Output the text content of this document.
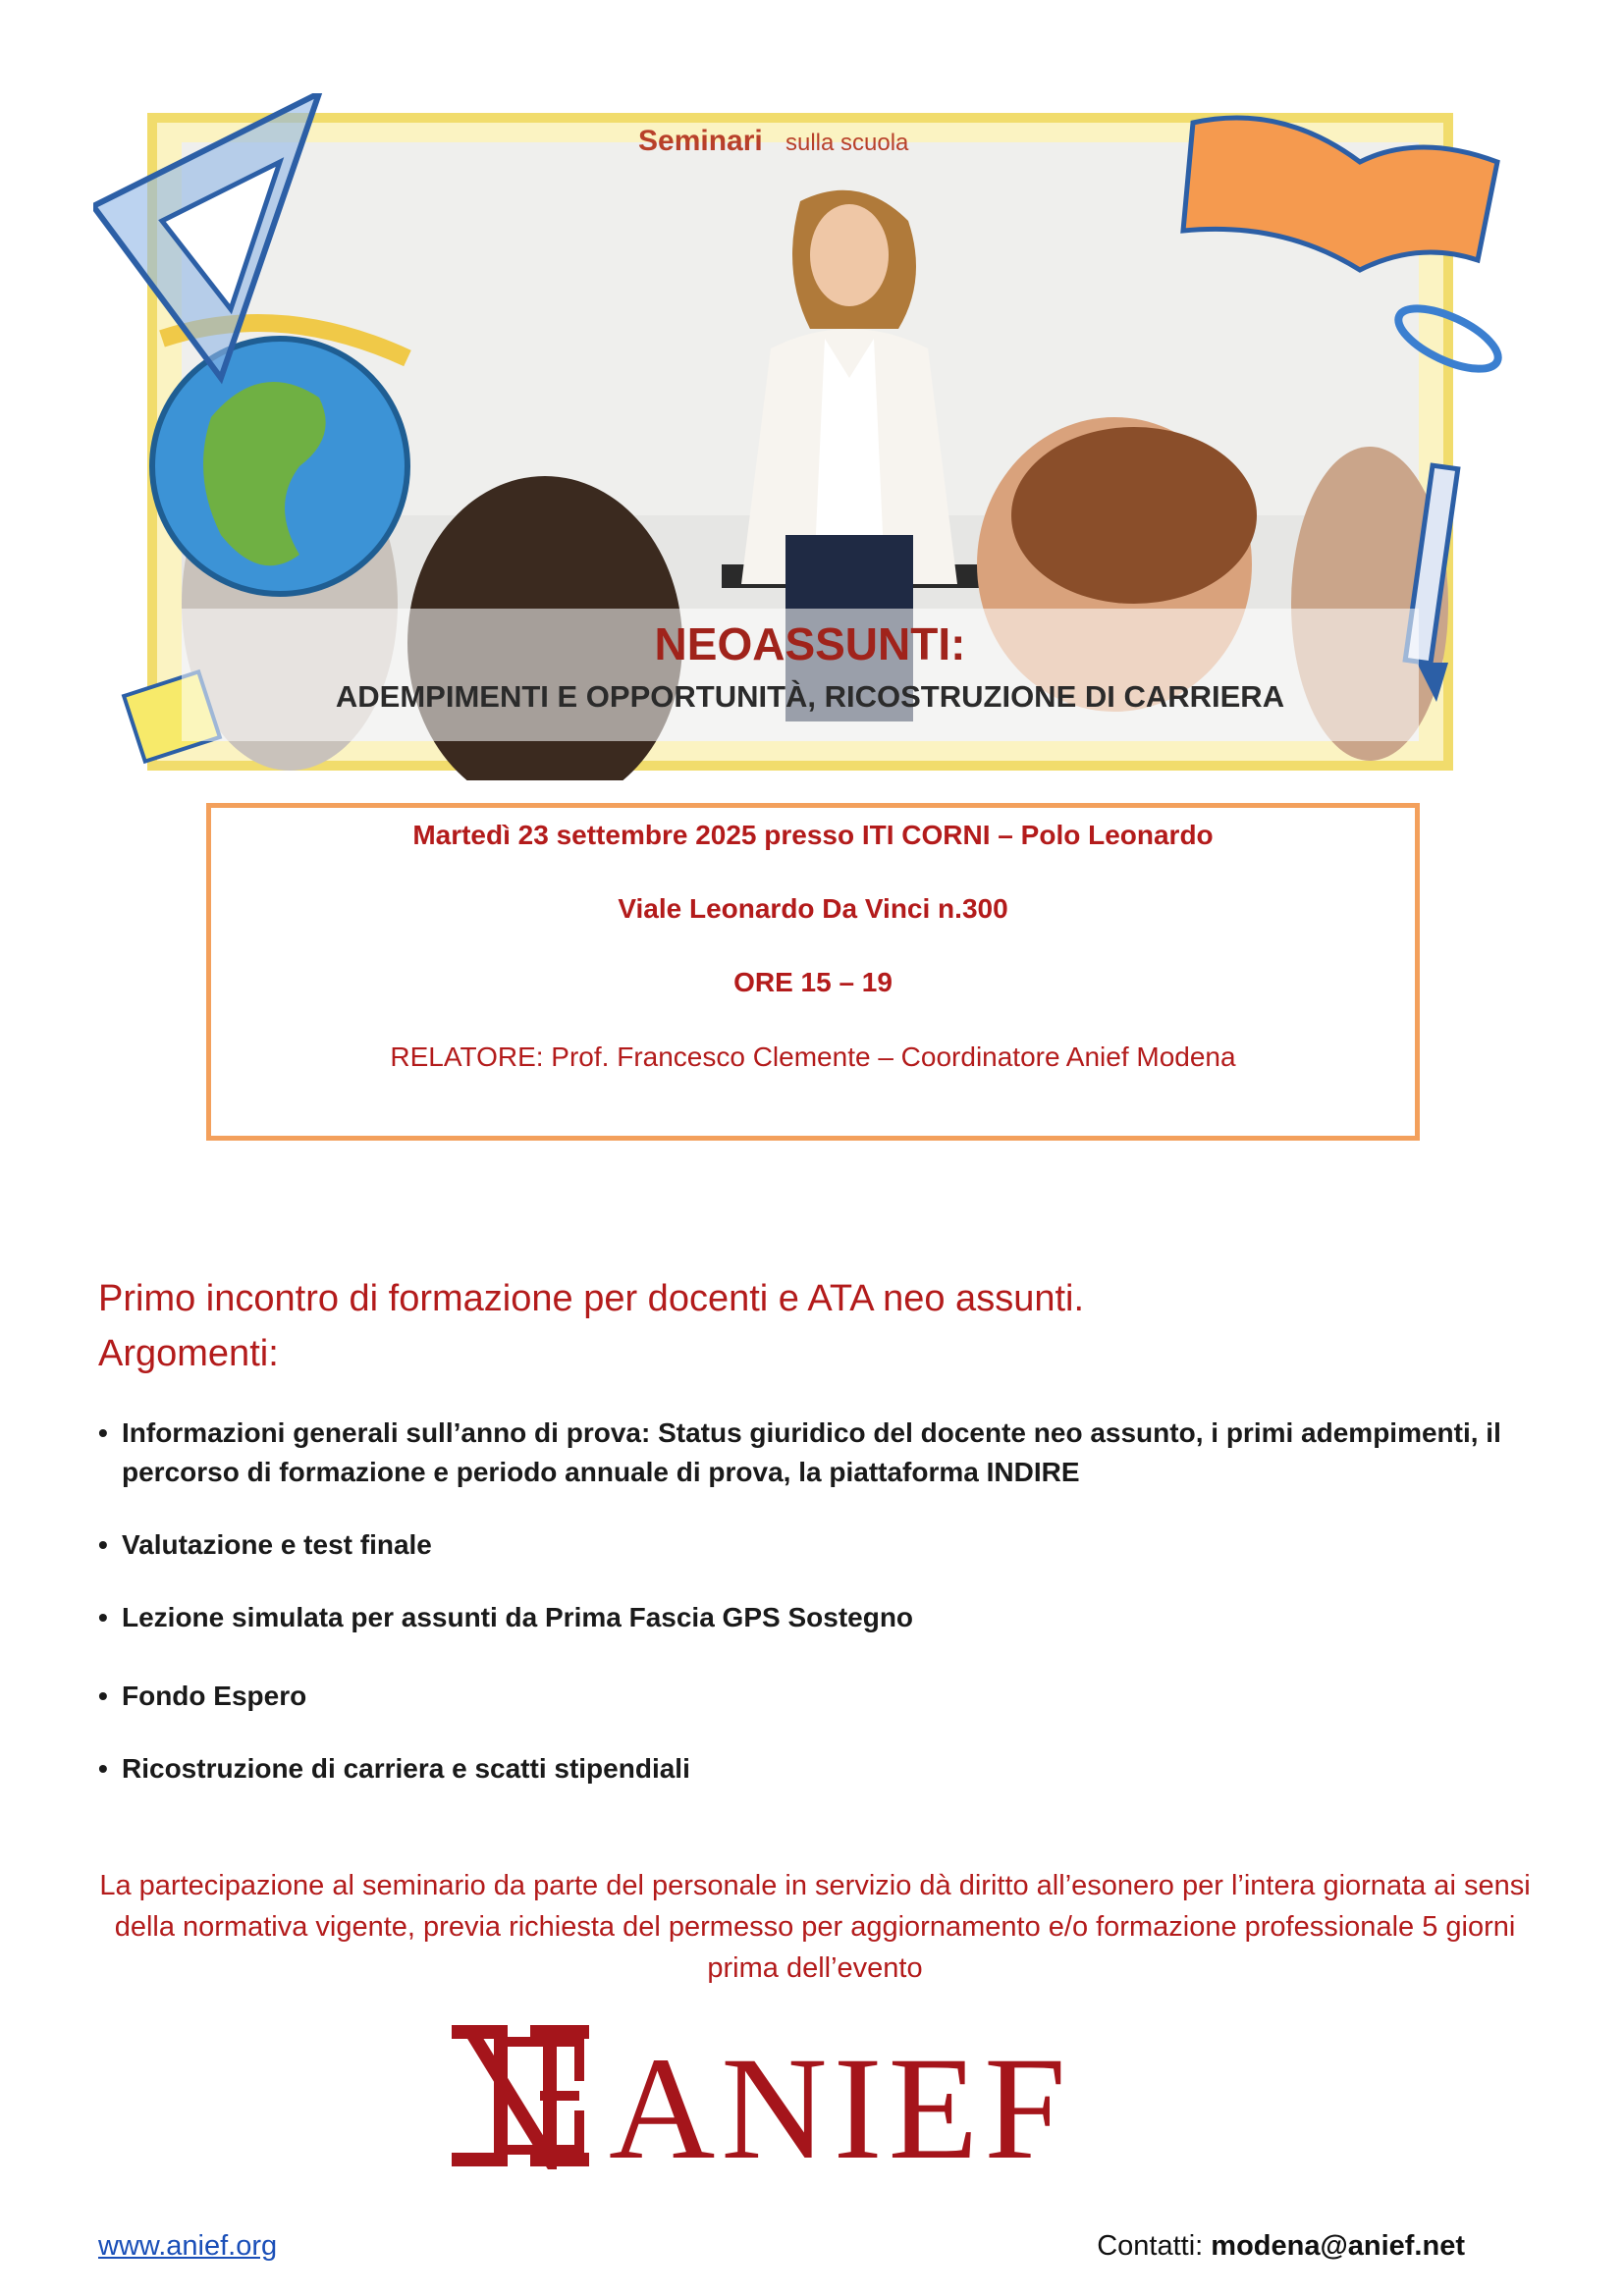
Seminari sulla scuola
NEOASSUNTI:
ADEMPIMENTI E OPPORTUNITÀ, RICOSTRUZIONE DI CARRIERA
Martedì 23 settembre 2025 presso ITI CORNI – Polo Leonardo
Viale Leonardo Da Vinci n.300
ORE 15 – 19
RELATORE: Prof. Francesco Clemente – Coordinatore Anief Modena

Primo incontro di formazione per docenti e ATA neo assunti.

Argomenti:

• Informazioni generali sull’anno di prova: Status giuridico del docente neo assunto, i primi adempimenti, il percorso di formazione e periodo annuale di prova, la piattaforma INDIRE
• Valutazione e test finale
• Lezione simulata per assunti da Prima Fascia GPS Sostegno
• Fondo Espero
• Ricostruzione di carriera e scatti stipendiali
La partecipazione al seminario da parte del personale in servizio dà diritto all’esonero per l’intera giornata ai sensi della normativa vigente, previa richiesta del permesso per aggiornamento e/o formazione professionale 5 giorni prima dell’evento
ANIEF
www.anief.org	Contatti: modena@anief.net
